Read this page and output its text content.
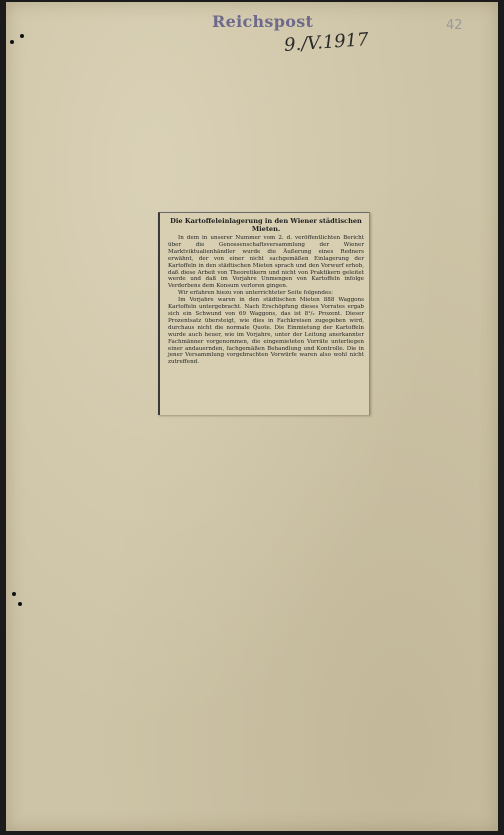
Reichspost
9./V.1917
42
Die Kartoffeleinlagerung in den Wiener städtischen Mieten.

In dem in unserer Nummer vom 2. d. veröffentlichten Bericht über die Genossenschaftsversammlung der Wiener Marktviktualienhändler wurde die Äußerung eines Redners erwähnt, der von einer nicht sachgemäßen Einlagerung der Kartoffeln in den städtischen Mieten sprach und den Vorwurf erhob, daß diese Arbeit von Theoretikern und nicht von Praktikern geleitet werde und daß im Vorjahre Unmengen von Kartoffeln infolge Verderbens dem Konsum verloren gingen.

Wir erfahren hiezu von unterrichteter Seite folgendes:

Im Vorjahre waren in den städtischen Mieten 888 Waggons Kartoffeln untergebracht. Nach Erschöpfung dieses Vorrates ergab sich ein Schwund von 69 Waggons, das ist 8¹/₂ Prozent. Dieser Prozentsatz übersteigt, wie dies in Fachkreisen zugegeben wird, durchaus nicht die normale Quote. Die Einmietung der Kartoffeln wurde auch heuer, wie im Vorjahre, unter der Leitung anerkannter Fachmänner vorgenommen, die eingemieteten Vorräte unterliegen einer andauernden, fachgemäßen Behandlung und Kontrolle. Die in jener Versammlung vorgebrachten Vorwürfe waren also wohl nicht zutreffend.
